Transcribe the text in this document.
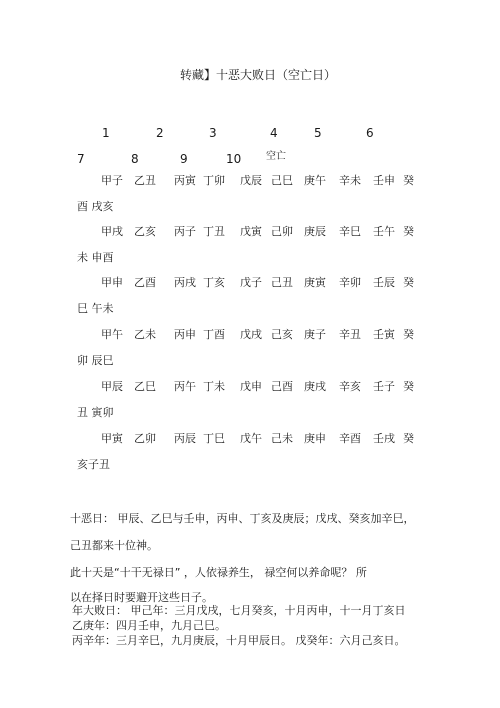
转藏】十恶大败日（空亡日）
1	2	3	4	5	6
空亡
7	8	9	10
甲子 乙丑 丙寅 丁卯 戊辰 己巳 庚午 辛未 壬申 癸
酉 戌亥
甲戌 乙亥 丙子 丁丑 戊寅 己卯 庚辰 辛巳 壬午 癸
未 申酉
甲申 乙酉 丙戌 丁亥 戊子 己丑 庚寅 辛卯 壬辰 癸
巳 午未
甲午 乙未 丙申 丁酉 戊戌 己亥 庚子 辛丑 壬寅 癸
卯 辰巳
甲辰 乙巳 丙午 丁未 戊申 己酉 庚戌 辛亥 壬子 癸
丑 寅卯
甲寅 乙卯 丙辰 丁巳 戊午 己未 庚申 辛酉 壬戌 癸
亥子丑
十恶日： 甲辰、乙巳与壬申，丙申、丁亥及庚辰；戊戌、癸亥加辛巳，
己丑都来十位神。
此十天是“十干无禄日” ，人依禄养生， 禄空何以养命呢？ 所
以在择日时要避开这些日子。
年大败日： 甲己年：三月戊戌，七月癸亥，十月丙申，十一月丁亥日
乙庚年：四月壬申，九月己巳。
丙辛年：三月辛巳，九月庚辰，十月甲辰日。 戊癸年：六月己亥日。
